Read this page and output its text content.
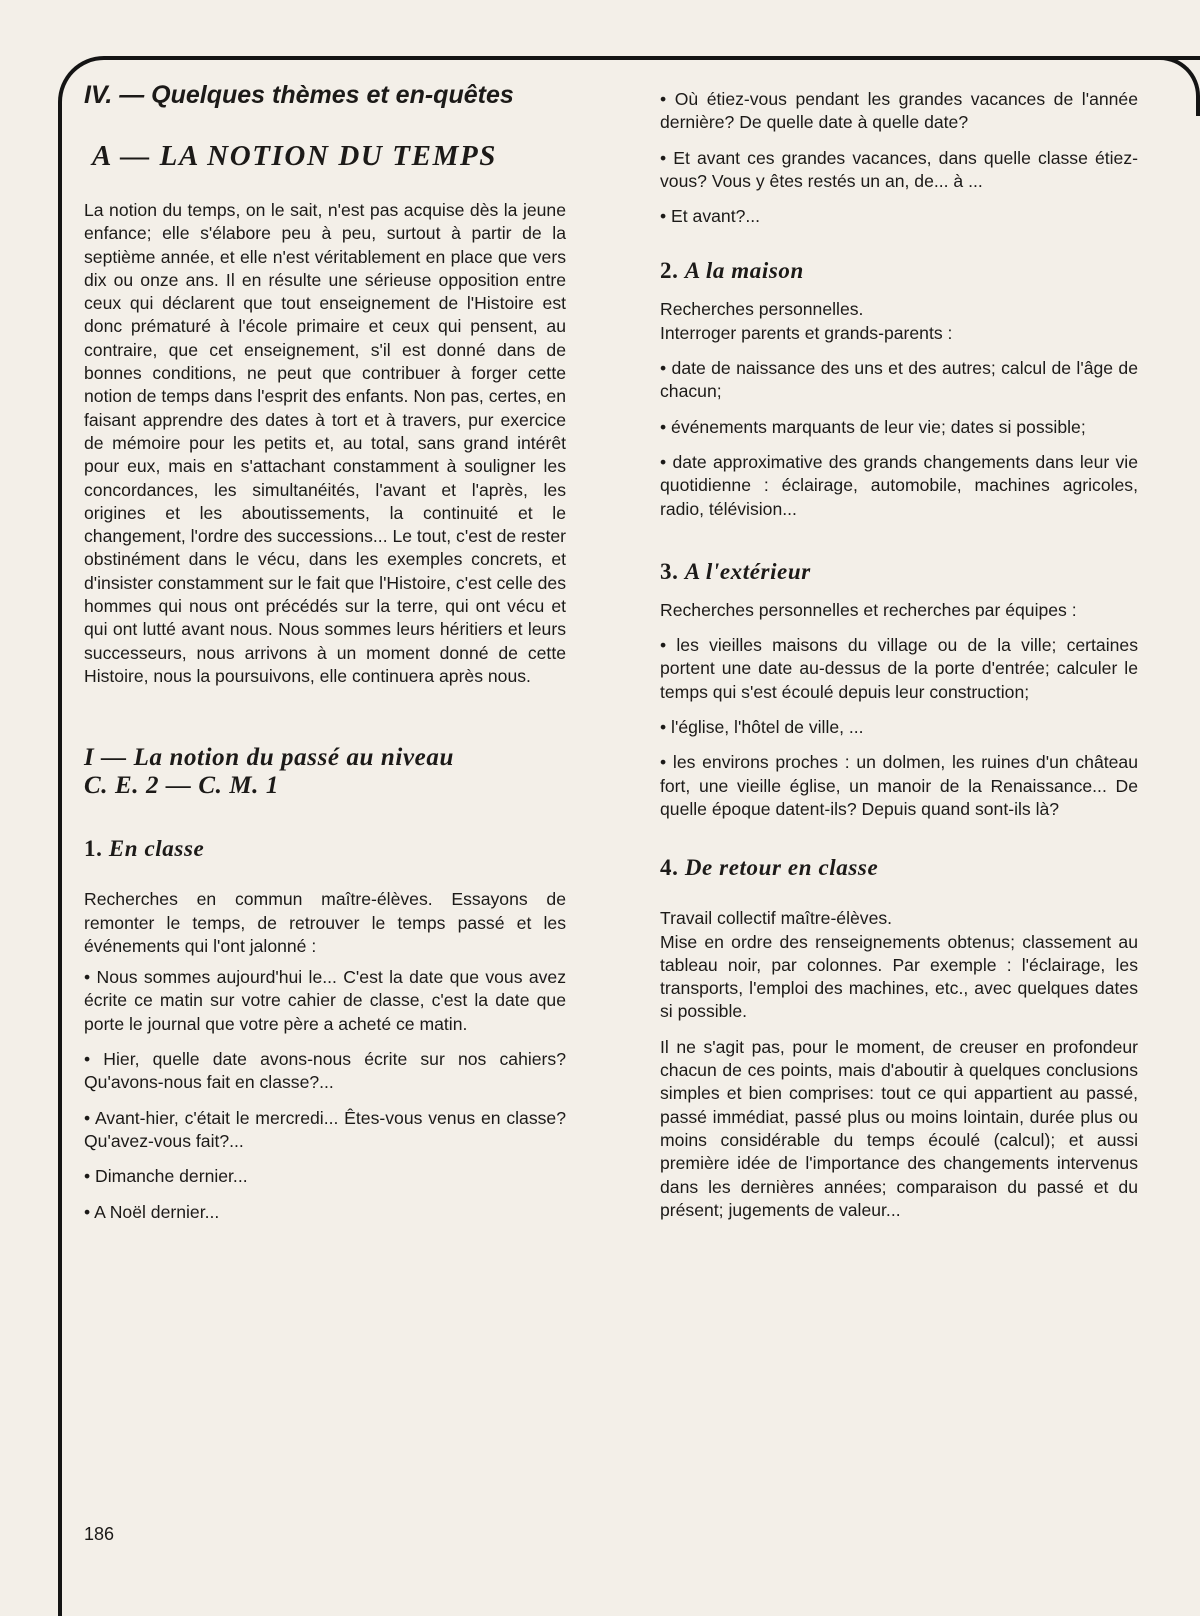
IV. — Quelques thèmes et en-quêtes
A — LA NOTION DU TEMPS

La notion du temps, on le sait, n'est pas acquise dès la jeune enfance; elle s'élabore peu à peu, surtout à partir de la septième année, et elle n'est véritablement en place que vers dix ou onze ans. Il en résulte une sérieuse opposition entre ceux qui déclarent que tout enseignement de l'Histoire est donc prématuré à l'école primaire et ceux qui pensent, au contraire, que cet enseignement, s'il est donné dans de bonnes conditions, ne peut que contribuer à forger cette notion de temps dans l'esprit des enfants. Non pas, certes, en faisant apprendre des dates à tort et à travers, pur exercice de mémoire pour les petits et, au total, sans grand intérêt pour eux, mais en s'attachant constamment à souligner les concordances, les simultanéités, l'avant et l'après, les origines et les aboutissements, la continuité et le changement, l'ordre des successions... Le tout, c'est de rester obstinément dans le vécu, dans les exemples concrets, et d'insister constamment sur le fait que l'Histoire, c'est celle des hommes qui nous ont précédés sur la terre, qui ont vécu et qui ont lutté avant nous. Nous sommes leurs héritiers et leurs successeurs, nous arrivons à un moment donné de cette Histoire, nous la poursuivons, elle continuera après nous.

I — La notion du passé au niveau
C. E. 2 — C. M. 1
1. En classe

Recherches en commun maître-élèves. Essayons de remonter le temps, de retrouver le temps passé et les événements qui l'ont jalonné :

• Nous sommes aujourd'hui le... C'est la date que vous avez écrite ce matin sur votre cahier de classe, c'est la date que porte le journal que votre père a acheté ce matin.

• Hier, quelle date avons-nous écrite sur nos cahiers? Qu'avons-nous fait en classe?...

• Avant-hier, c'était le mercredi... Êtes-vous venus en classe? Qu'avez-vous fait?...

• Dimanche dernier...

• A Noël dernier...

186

• Où étiez-vous pendant les grandes vacances de l'année dernière? De quelle date à quelle date?

• Et avant ces grandes vacances, dans quelle classe étiez-vous? Vous y êtes restés un an, de... à ...

• Et avant?...

2. A la maison

Recherches personnelles.

Interroger parents et grands-parents :

• date de naissance des uns et des autres; calcul de l'âge de chacun;

• événements marquants de leur vie; dates si possible;

• date approximative des grands changements dans leur vie quotidienne : éclairage, automobile, machines agricoles, radio, télévision...

3. A l'extérieur

Recherches personnelles et recherches par équipes :

• les vieilles maisons du village ou de la ville; certaines portent une date au-dessus de la porte d'entrée; calculer le temps qui s'est écoulé depuis leur construction;

• l'église, l'hôtel de ville, ...

• les environs proches : un dolmen, les ruines d'un château fort, une vieille église, un manoir de la Renaissance... De quelle époque datent-ils? Depuis quand sont-ils là?

4. De retour en classe

Travail collectif maître-élèves.

Mise en ordre des renseignements obtenus; classement au tableau noir, par colonnes. Par exemple : l'éclairage, les transports, l'emploi des machines, etc., avec quelques dates si possible.

Il ne s'agit pas, pour le moment, de creuser en profondeur chacun de ces points, mais d'aboutir à quelques conclusions simples et bien comprises: tout ce qui appartient au passé, passé immédiat, passé plus ou moins lointain, durée plus ou moins considérable du temps écoulé (calcul); et aussi première idée de l'importance des changements intervenus dans les dernières années; comparaison du passé et du présent; jugements de valeur...
